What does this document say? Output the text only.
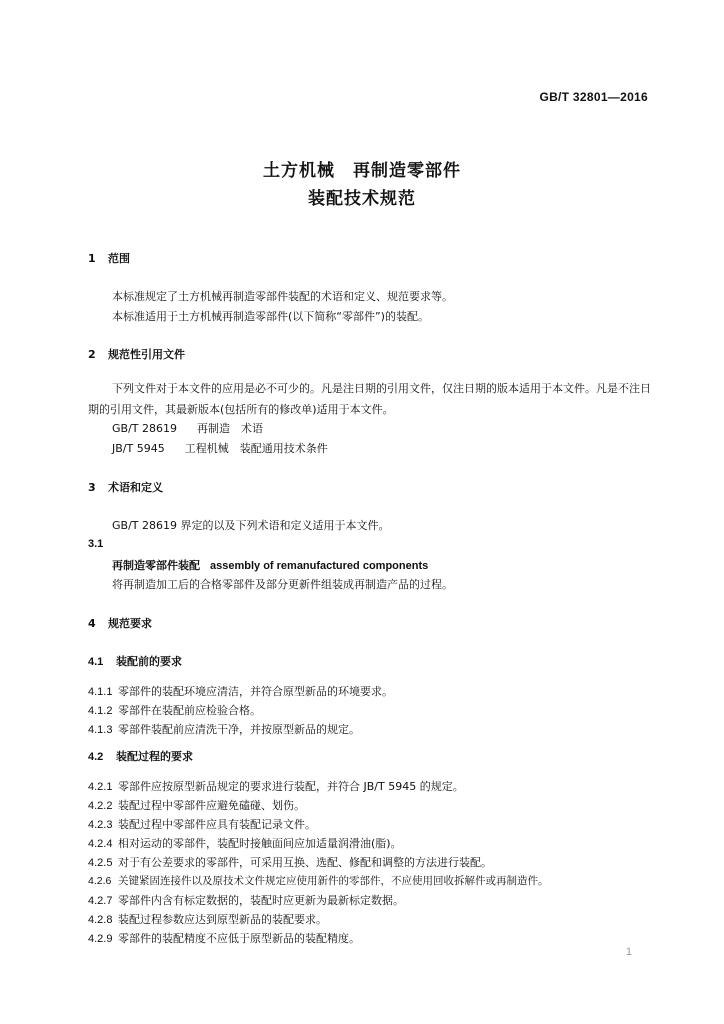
GB/T 32801—2016
土方机械　再制造零部件
装配技术规范
1 范围
本标准规定了土方机械再制造零部件装配的术语和定义、规范要求等。
本标准适用于土方机械再制造零部件(以下简称“零部件”)的装配。
2 规范性引用文件
下列文件对于本文件的应用是必不可少的。凡是注日期的引用文件，仅注日期的版本适用于本文件。凡是不注日期的引用文件，其最新版本(包括所有的修改单)适用于本文件。
GB/T 28619 再制造　术语
JB/T 5945 工程机械　装配通用技术条件
3 术语和定义
GB/T 28619 界定的以及下列术语和定义适用于本文件。
3.1
再制造零部件装配 assembly of remanufactured components
将再制造加工后的合格零部件及部分更新件组装成再制造产品的过程。
4 规范要求
4.1 装配前的要求
4.1.1 零部件的装配环境应清洁，并符合原型新品的环境要求。
4.1.2 零部件在装配前应检验合格。
4.1.3 零部件装配前应清洗干净，并按原型新品的规定。
4.2 装配过程的要求
4.2.1 零部件应按原型新品规定的要求进行装配，并符合 JB/T 5945 的规定。
4.2.2 装配过程中零部件应避免磕碰、划伤。
4.2.3 装配过程中零部件应具有装配记录文件。
4.2.4 相对运动的零部件，装配时接触面间应加适量润滑油(脂)。
4.2.5 对于有公差要求的零部件，可采用互换、选配、修配和调整的方法进行装配。
4.2.6 关键紧固连接件以及原技术文件规定应使用新件的零部件，不应使用回收拆解件或再制造件。
4.2.7 零部件内含有标定数据的，装配时应更新为最新标定数据。
4.2.8 装配过程参数应达到原型新品的装配要求。
4.2.9 零部件的装配精度不应低于原型新品的装配精度。
1
